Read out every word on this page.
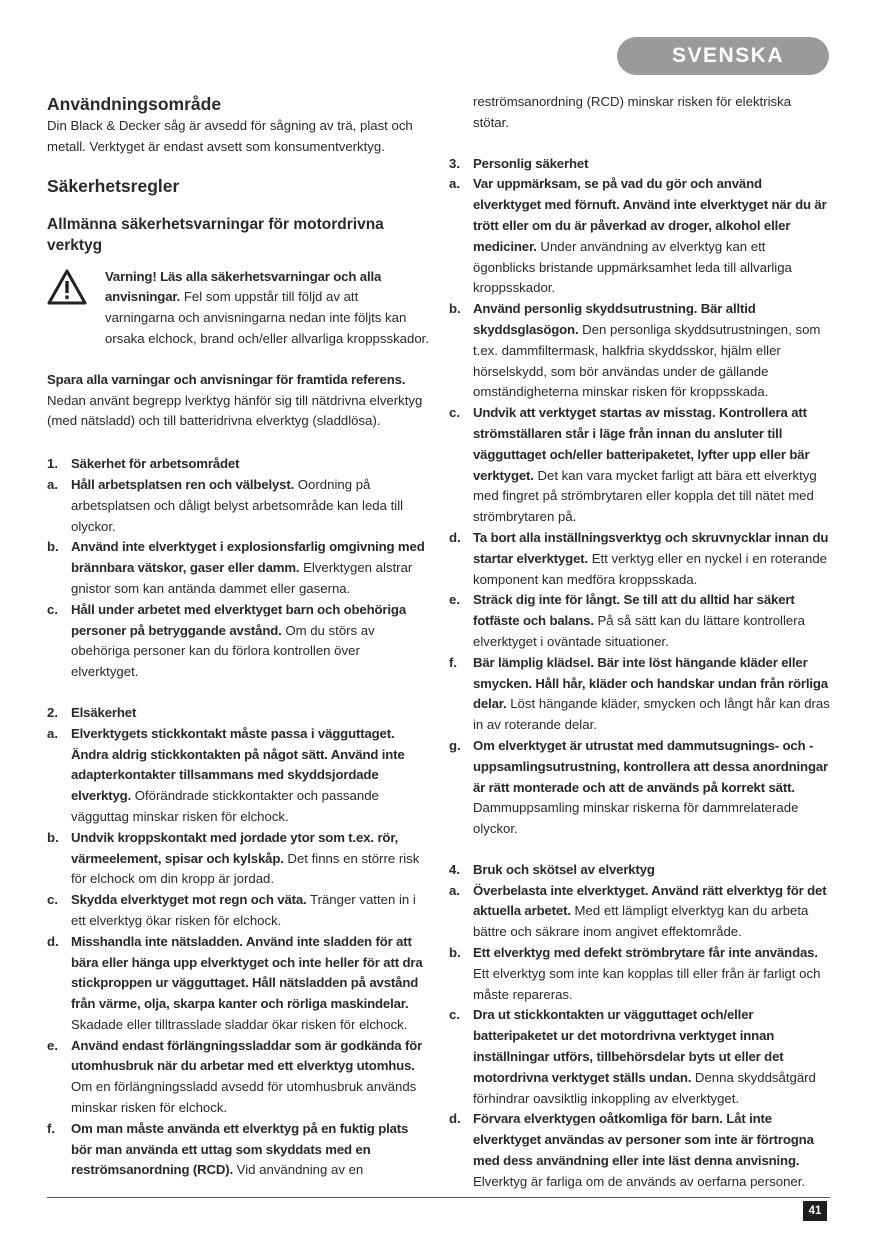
SVENSKA
Användningsområde

Din Black & Decker såg är avsedd för sågning av trä, plast och metall. Verktyget är endast avsett som konsumentverktyg.

Säkerhetsregler
Allmänna säkerhetsvarningar för motordrivna verktyg

Varning! Läs alla säkerhetsvarningar och alla anvisningar. Fel som uppstår till följd av att varningarna och anvisningarna nedan inte följts kan orsaka elchock, brand och/eller allvarliga kroppsskador.

Spara alla varningar och anvisningar för framtida referens. Nedan använt begrepp lverktyg hänför sig till nätdrivna elverktyg (med nätsladd) och till batteridrivna elverktyg (sladdlösa).

1. Säkerhet för arbetsområdet
a. Håll arbetsplatsen ren och välbelyst. Oordning på arbetsplatsen och dåligt belyst arbetsområde kan leda till olyckor.

b. Använd inte elverktyget i explosionsfarlig omgivning med brännbara vätskor, gaser eller damm. Elverktygen alstrar gnistor som kan antända dammet eller gaserna.

c. Håll under arbetet med elverktyget barn och obehöriga personer på betryggande avstånd. Om du störs av obehöriga personer kan du förlora kontrollen över elverktyget.

2. Elsäkerhet
a. Elverktygets stickkontakt måste passa i vägguttaget. Ändra aldrig stickkontakten på något sätt. Använd inte adapterkontakter tillsammans med skyddsjordade elverktyg. Oförändrade stickkontakter och passande vägguttag minskar risken för elchock.

b. Undvik kroppskontakt med jordade ytor som t.ex. rör, värmeelement, spisar och kylskåp. Det finns en större risk för elchock om din kropp är jordad.

c. Skydda elverktyget mot regn och väta. Tränger vatten in i ett elverktyg ökar risken för elchock.

d. Misshandla inte nätsladden. Använd inte sladden för att bära eller hänga upp elverktyget och inte heller för att dra stickproppen ur vägguttaget. Håll nätsladden på avstånd från värme, olja, skarpa kanter och rörliga maskindelar. Skadade eller tilltrasslade sladdar ökar risken för elchock.

e. Använd endast förlängningssladdar som är godkända för utomhusbruk när du arbetar med ett elverktyg utomhus. Om en förlängningssladd avsedd för utomhusbruk används minskar risken för elchock.

f.	Om man måste använda ett elverktyg på en fuktig plats bör man använda ett uttag som skyddats med en reströmsanordning (RCD). Vid användning av en

reströmsanordning (RCD) minskar risken för elektriska stötar.

3. Personlig säkerhet
a. Var uppmärksam, se på vad du gör och använd elverktyget med förnuft. Använd inte elverktyget när du är trött eller om du är påverkad av droger, alkohol eller mediciner. Under användning av elverktyg kan ett ögonblicks bristande uppmärksamhet leda till allvarliga kroppsskador.

b. Använd personlig skyddsutrustning. Bär alltid skyddsglasögon. Den personliga skyddsutrustningen, som t.ex. dammfiltermask, halkfria skyddsskor, hjälm eller hörselskydd, som bör användas under de gällande omständigheterna minskar risken för kroppsskada.

c. Undvik att verktyget startas av misstag. Kontrollera att strömställaren står i läge från innan du ansluter till vägguttaget och/eller batteripaketet, lyfter upp eller bär verktyget. Det kan vara mycket farligt att bära ett elverktyg med fingret på strömbrytaren eller koppla det till nätet med strömbrytaren på.

d. Ta bort alla inställningsverktyg och skruvnycklar innan du startar elverktyget. Ett verktyg eller en nyckel i en roterande komponent kan medföra kroppsskada.

e. Sträck dig inte för långt. Se till att du alltid har säkert fotfäste och balans. På så sätt kan du lättare kontrollera elverktyget i oväntade situationer.

f.	Bär lämplig klädsel. Bär inte löst hängande kläder eller smycken. Håll hår, kläder och handskar undan från rörliga delar. Löst hängande kläder, smycken och långt hår kan dras in av roterande delar.

g. Om elverktyget är utrustat med dammutsugnings- och -uppsamlingsutrustning, kontrollera att dessa anordningar är rätt monterade och att de används på korrekt sätt. Dammuppsamling minskar riskerna för dammrelaterade olyckor.

4. Bruk och skötsel av elverktyg
a. Överbelasta inte elverktyget. Använd rätt elverktyg för det aktuella arbetet. Med ett lämpligt elverktyg kan du arbeta bättre och säkrare inom angivet effektområde.

b. Ett elverktyg med defekt strömbrytare får inte användas. Ett elverktyg som inte kan kopplas till eller från är farligt och måste repareras.

c. Dra ut stickkontakten ur vägguttaget och/eller batteripaketet ur det motordrivna verktyget innan inställningar utförs, tillbehörsdelar byts ut eller det motordrivna verktyget ställs undan. Denna skyddsåtgärd förhindrar oavsiktlig inkoppling av elverktyget.

d. Förvara elverktygen oåtkomliga för barn. Låt inte elverktyget användas av personer som inte är förtrogna med dess användning eller inte läst denna anvisning. Elverktyg är farliga om de används av oerfarna personer.

41
